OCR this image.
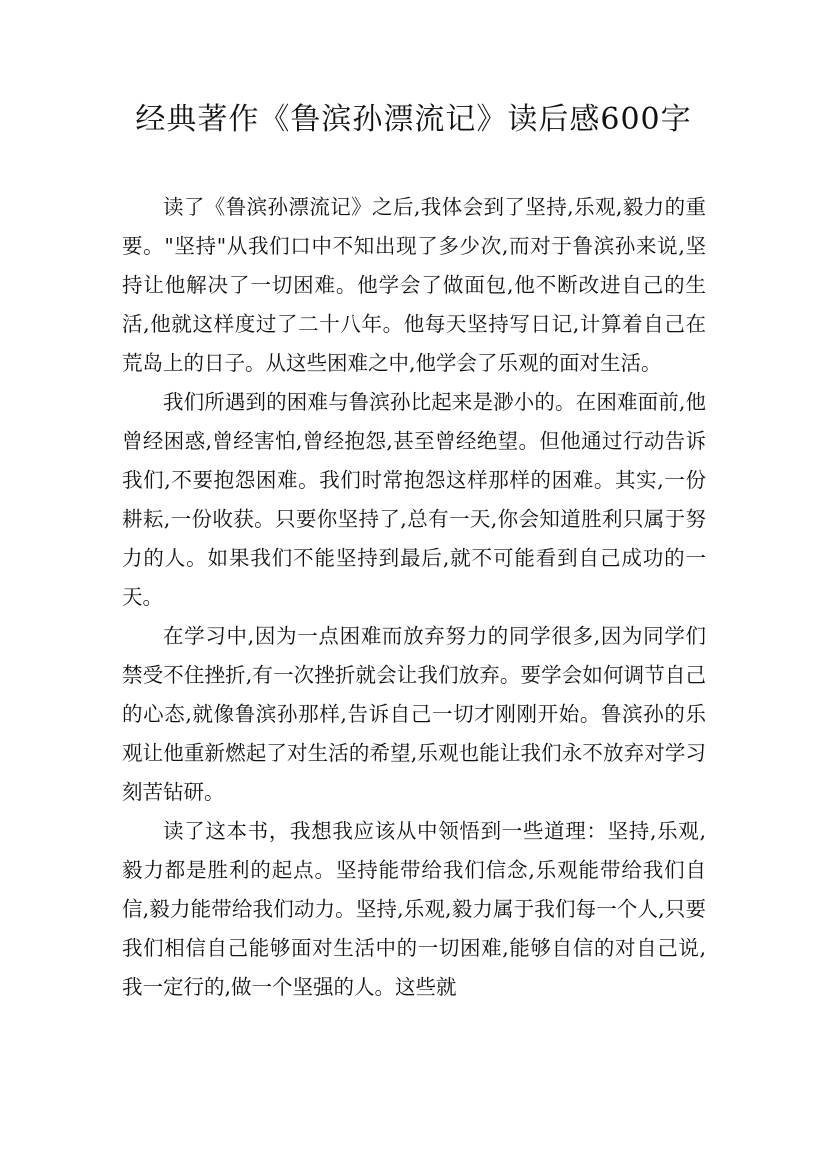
经典著作《鲁滨孙漂流记》读后感600字

读了《鲁滨孙漂流记》之后,我体会到了坚持,乐观,毅力的重要。"坚持"从我们口中不知出现了多少次,而对于鲁滨孙来说,坚持让他解决了一切困难。他学会了做面包,他不断改进自己的生活,他就这样度过了二十八年。他每天坚持写日记,计算着自己在荒岛上的日子。从这些困难之中,他学会了乐观的面对生活。

我们所遇到的困难与鲁滨孙比起来是渺小的。在困难面前,他曾经困惑,曾经害怕,曾经抱怨,甚至曾经绝望。但他通过行动告诉我们,不要抱怨困难。我们时常抱怨这样那样的困难。其实,一份耕耘,一份收获。只要你坚持了,总有一天,你会知道胜利只属于努力的人。如果我们不能坚持到最后,就不可能看到自己成功的一天。

在学习中,因为一点困难而放弃努力的同学很多,因为同学们禁受不住挫折,有一次挫折就会让我们放弃。要学会如何调节自己的心态,就像鲁滨孙那样,告诉自己一切才刚刚开始。鲁滨孙的乐观让他重新燃起了对生活的希望,乐观也能让我们永不放弃对学习刻苦钻研。

读了这本书，我想我应该从中领悟到一些道理：坚持,乐观,毅力都是胜利的起点。坚持能带给我们信念,乐观能带给我们自信,毅力能带给我们动力。坚持,乐观,毅力属于我们每一个人,只要我们相信自己能够面对生活中的一切困难,能够自信的对自己说,我一定行的,做一个坚强的人。这些就
